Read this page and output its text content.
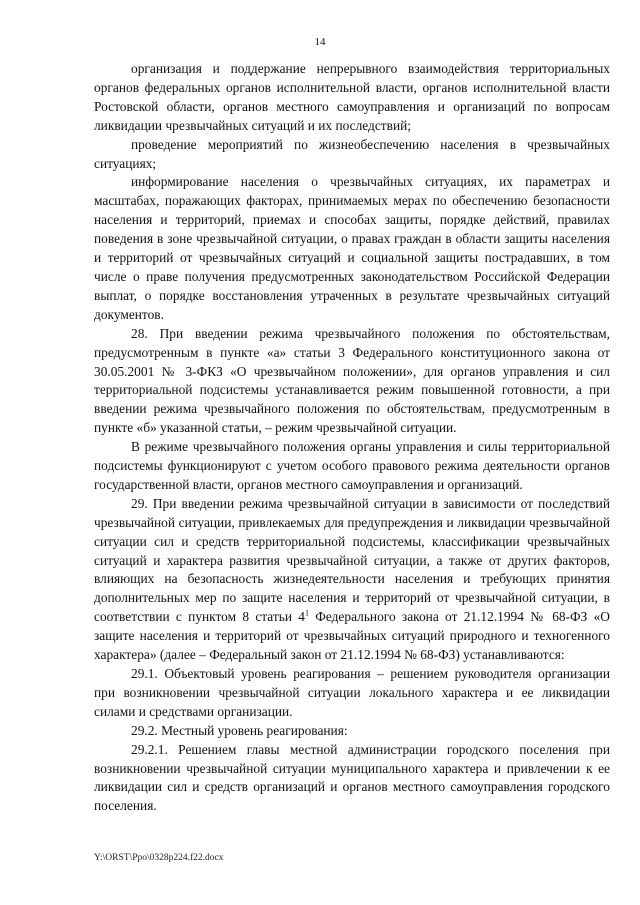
14

организация и поддержание непрерывного взаимодействия территориальных органов федеральных органов исполнительной власти, органов исполнительной власти Ростовской области, органов местного самоуправления и организаций по вопросам ликвидации чрезвычайных ситуаций и их последствий;

проведение мероприятий по жизнеобеспечению населения в чрезвычайных ситуациях;

информирование населения о чрезвычайных ситуациях, их параметрах и масштабах, поражающих факторах, принимаемых мерах по обеспечению безопасности населения и территорий, приемах и способах защиты, порядке действий, правилах поведения в зоне чрезвычайной ситуации, о правах граждан в области защиты населения и территорий от чрезвычайных ситуаций и социальной защиты пострадавших, в том числе о праве получения предусмотренных законодательством Российской Федерации выплат, о порядке восстановления утраченных в результате чрезвычайных ситуаций документов.

28. При введении режима чрезвычайного положения по обстоятельствам, предусмотренным в пункте «а» статьи 3 Федерального конституционного закона от 30.05.2001 № 3-ФКЗ «О чрезвычайном положении», для органов управления и сил территориальной подсистемы устанавливается режим повышенной готовности, а при введении режима чрезвычайного положения по обстоятельствам, предусмотренным в пункте «б» указанной статьи, – режим чрезвычайной ситуации.

В режиме чрезвычайного положения органы управления и силы территориальной подсистемы функционируют с учетом особого правового режима деятельности органов государственной власти, органов местного самоуправления и организаций.

29. При введении режима чрезвычайной ситуации в зависимости от последствий чрезвычайной ситуации, привлекаемых для предупреждения и ликвидации чрезвычайной ситуации сил и средств территориальной подсистемы, классификации чрезвычайных ситуаций и характера развития чрезвычайной ситуации, а также от других факторов, влияющих на безопасность жизнедеятельности населения и требующих принятия дополнительных мер по защите населения и территорий от чрезвычайной ситуации, в соответствии с пунктом 8 статьи $4^1$ Федерального закона от 21.12.1994 № 68-ФЗ «О защите населения и территорий от чрезвычайных ситуаций природного и техногенного характера» (далее – Федеральный закон от 21.12.1994 № 68-ФЗ) устанавливаются:

29.1. Объектовый уровень реагирования – решением руководителя организации при возникновении чрезвычайной ситуации локального характера и ее ликвидации силами и средствами организации.

29.2. Местный уровень реагирования:

29.2.1. Решением главы местной администрации городского поселения при возникновении чрезвычайной ситуации муниципального характера и привлечении к ее ликвидации сил и средств организаций и органов местного самоуправления городского поселения.

Y:\ORST\Ppo\0328p224.f22.docx
